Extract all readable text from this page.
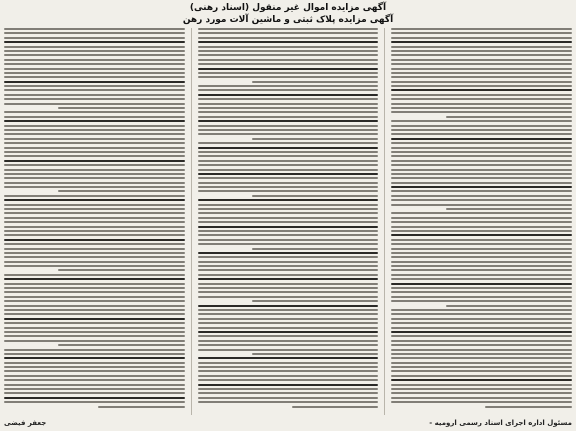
آگهی مزایده اموال غیر منقول (اسناد رهنی)
آگهی مزایده پلاک ثبتی و ماشین آلات مورد رهن
مسئول اداره اجرای اسناد رسمی ارومیه -
جعفر فیضی
